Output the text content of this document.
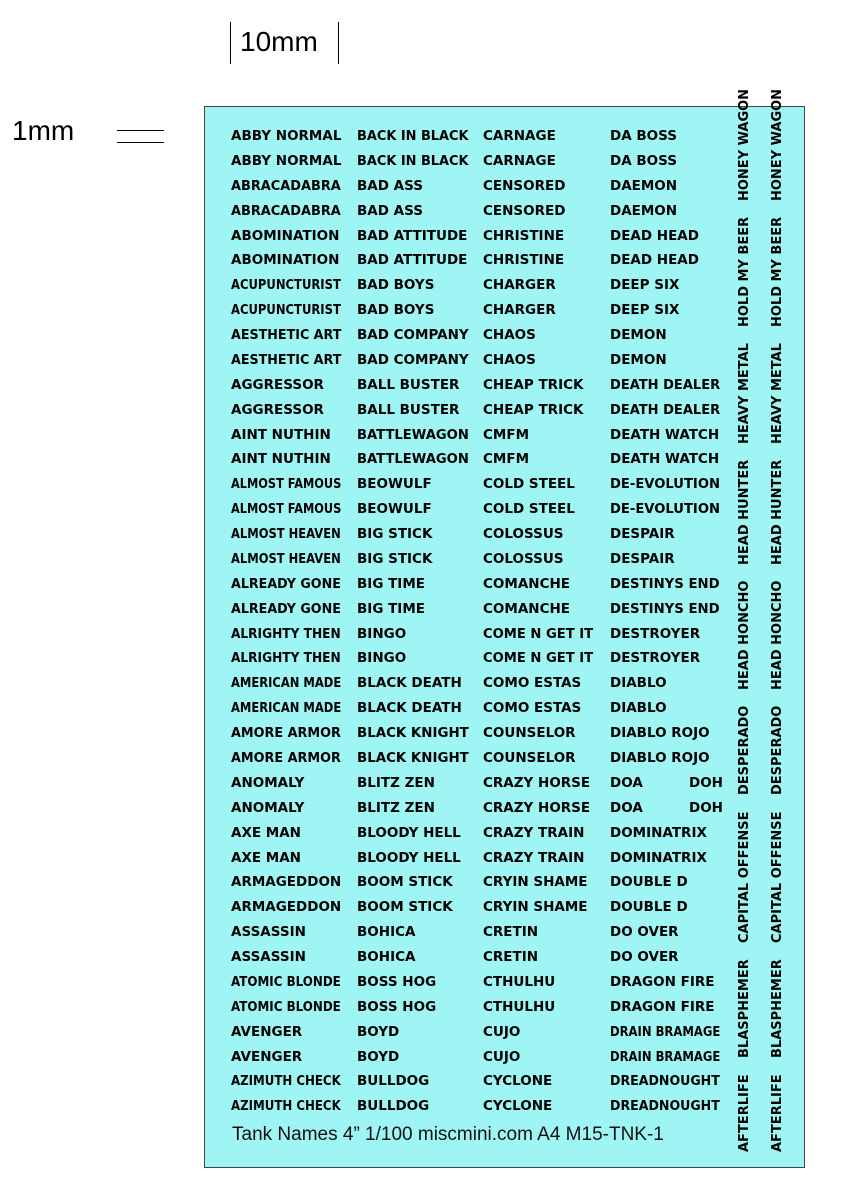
10mm
1mm
Tank Names 4” 1/100 miscmini.com A4 M15-TNK-1
ABBY NORMAL
ABBY NORMAL
ABRACADABRA
ABRACADABRA
ABOMINATION
ABOMINATION
ACUPUNCTURIST
ACUPUNCTURIST
AESTHETIC ART
AESTHETIC ART
AGGRESSOR
AGGRESSOR
AINT NUTHIN
AINT NUTHIN
ALMOST FAMOUS
ALMOST FAMOUS
ALMOST HEAVEN
ALMOST HEAVEN
ALREADY GONE
ALREADY GONE
ALRIGHTY THEN
ALRIGHTY THEN
AMERICAN MADE
AMERICAN MADE
AMORE ARMOR
AMORE ARMOR
ANOMALY
ANOMALY
AXE MAN
AXE MAN
ARMAGEDDON
ARMAGEDDON
ASSASSIN
ASSASSIN
ATOMIC BLONDE
ATOMIC BLONDE
AVENGER
AVENGER
AZIMUTH CHECK
AZIMUTH CHECK
BACK IN BLACK
BACK IN BLACK
BAD ASS
BAD ASS
BAD ATTITUDE
BAD ATTITUDE
BAD BOYS
BAD BOYS
BAD COMPANY
BAD COMPANY
BALL BUSTER
BALL BUSTER
BATTLEWAGON
BATTLEWAGON
BEOWULF
BEOWULF
BIG STICK
BIG STICK
BIG TIME
BIG TIME
BINGO
BINGO
BLACK DEATH
BLACK DEATH
BLACK KNIGHT
BLACK KNIGHT
BLITZ ZEN
BLITZ ZEN
BLOODY HELL
BLOODY HELL
BOOM STICK
BOOM STICK
BOHICA
BOHICA
BOSS HOG
BOSS HOG
BOYD
BOYD
BULLDOG
BULLDOG
CARNAGE
CARNAGE
CENSORED
CENSORED
CHRISTINE
CHRISTINE
CHARGER
CHARGER
CHAOS
CHAOS
CHEAP TRICK
CHEAP TRICK
CMFM
CMFM
COLD STEEL
COLD STEEL
COLOSSUS
COLOSSUS
COMANCHE
COMANCHE
COME N GET IT
COME N GET IT
COMO ESTAS
COMO ESTAS
COUNSELOR
COUNSELOR
CRAZY HORSE
CRAZY HORSE
CRAZY TRAIN
CRAZY TRAIN
CRYIN SHAME
CRYIN SHAME
CRETIN
CRETIN
CTHULHU
CTHULHU
CUJO
CUJO
CYCLONE
CYCLONE
DA BOSS
DA BOSS
DAEMON
DAEMON
DEAD HEAD
DEAD HEAD
DEEP SIX
DEEP SIX
DEMON
DEMON
DEATH DEALER
DEATH DEALER
DEATH WATCH
DEATH WATCH
DE-EVOLUTION
DE-EVOLUTION
DESPAIR
DESPAIR
DESTINYS END
DESTINYS END
DESTROYER
DESTROYER
DIABLO
DIABLO
DIABLO ROJO
DIABLO ROJO
DOA
DOA
DOMINATRIX
DOMINATRIX
DOUBLE D
DOUBLE D
DO OVER
DO OVER
DRAGON FIRE
DRAGON FIRE
DRAIN BRAMAGE
DRAIN BRAMAGE
DREADNOUGHT
DREADNOUGHT
DOH
DOH
AFTERLIFE
BLASPHEMER
CAPITAL OFFENSE
DESPERADO
HEAD HONCHO
HEAD HUNTER
HEAVY METAL
HOLD MY BEER
HONEY WAGON
AFTERLIFE
BLASPHEMER
CAPITAL OFFENSE
DESPERADO
HEAD HONCHO
HEAD HUNTER
HEAVY METAL
HOLD MY BEER
HONEY WAGON
